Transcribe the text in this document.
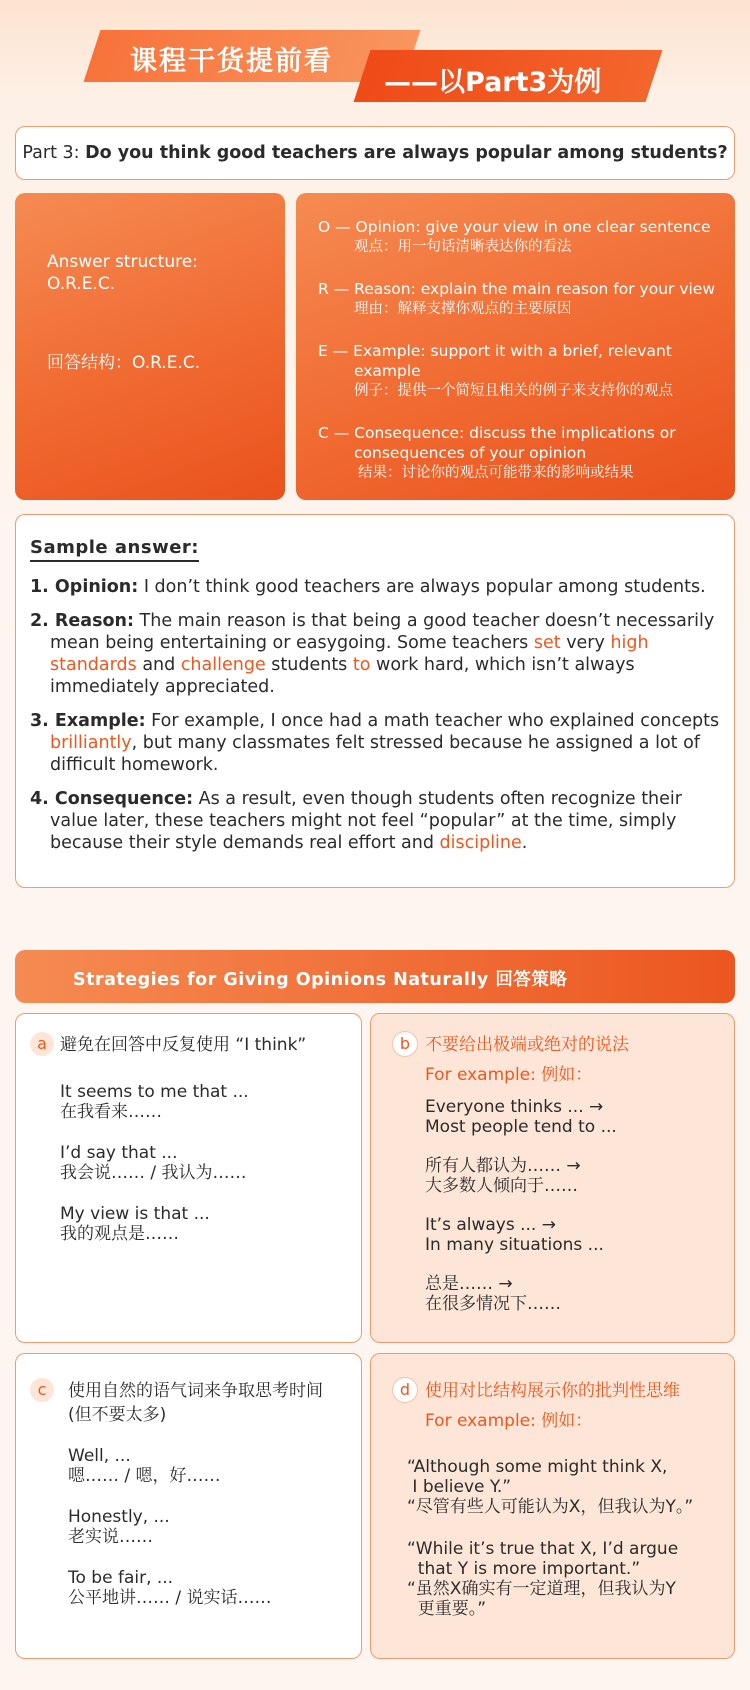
课程干货提前看
——以Part3为例
Part 3: Do you think good teachers are always popular among students?
Answer structure:
O.R.E.C.
回答结构：O.R.E.C.
O — Opinion: give your view in one clear sentence
观点：用一句话清晰表达你的看法
R — Reason: explain the main reason for your view
理由：解释支撑你观点的主要原因
E — Example: support it with a brief, relevant example
例子：提供一个简短且相关的例子来支持你的观点
C — Consequence: discuss the implications or consequences of your opinion
结果：讨论你的观点可能带来的影响或结果
Sample answer:

1. Opinion: I don’t think good teachers are always popular among students.

2. Reason: The main reason is that being a good teacher doesn’t necessarily mean being entertaining or easygoing. Some teachers set very high standards and challenge students to work hard, which isn’t always immediately appreciated.

3. Example: For example, I once had a math teacher who explained concepts brilliantly, but many classmates felt stressed because he assigned a lot of difficult homework.

4. Consequence: As a result, even though students often recognize their value later, these teachers might not feel “popular” at the time, simply because their style demands real effort and discipline.

Strategies for Giving Opinions Naturally 回答策略
a 避免在回答中反复使用 “I think”
It seems to me that ...
在我看来……
I’d say that ...
我会说…… / 我认为……
My view is that ...
我的观点是……
b 不要给出极端或绝对的说法
For example: 例如：
Everyone thinks ... →
Most people tend to ...
所有人都认为…… →
大多数人倾向于……
It’s always ... →
In many situations ...
总是…… →
在很多情况下……
c	使用自然的语气词来争取思考时间
(但不要太多)
Well, ...
嗯…… / 嗯，好……
Honestly, ...
老实说……
To be fair, ...
公平地讲…… / 说实话……
d 使用对比结构展示你的批判性思维
For example: 例如：
“Although some might think X,
I believe Y.”
“尽管有些人可能认为X，但我认为Y。”
“While it’s true that X, I’d argue
that Y is more important.”
“虽然X确实有一定道理，但我认为Y
更重要。”
